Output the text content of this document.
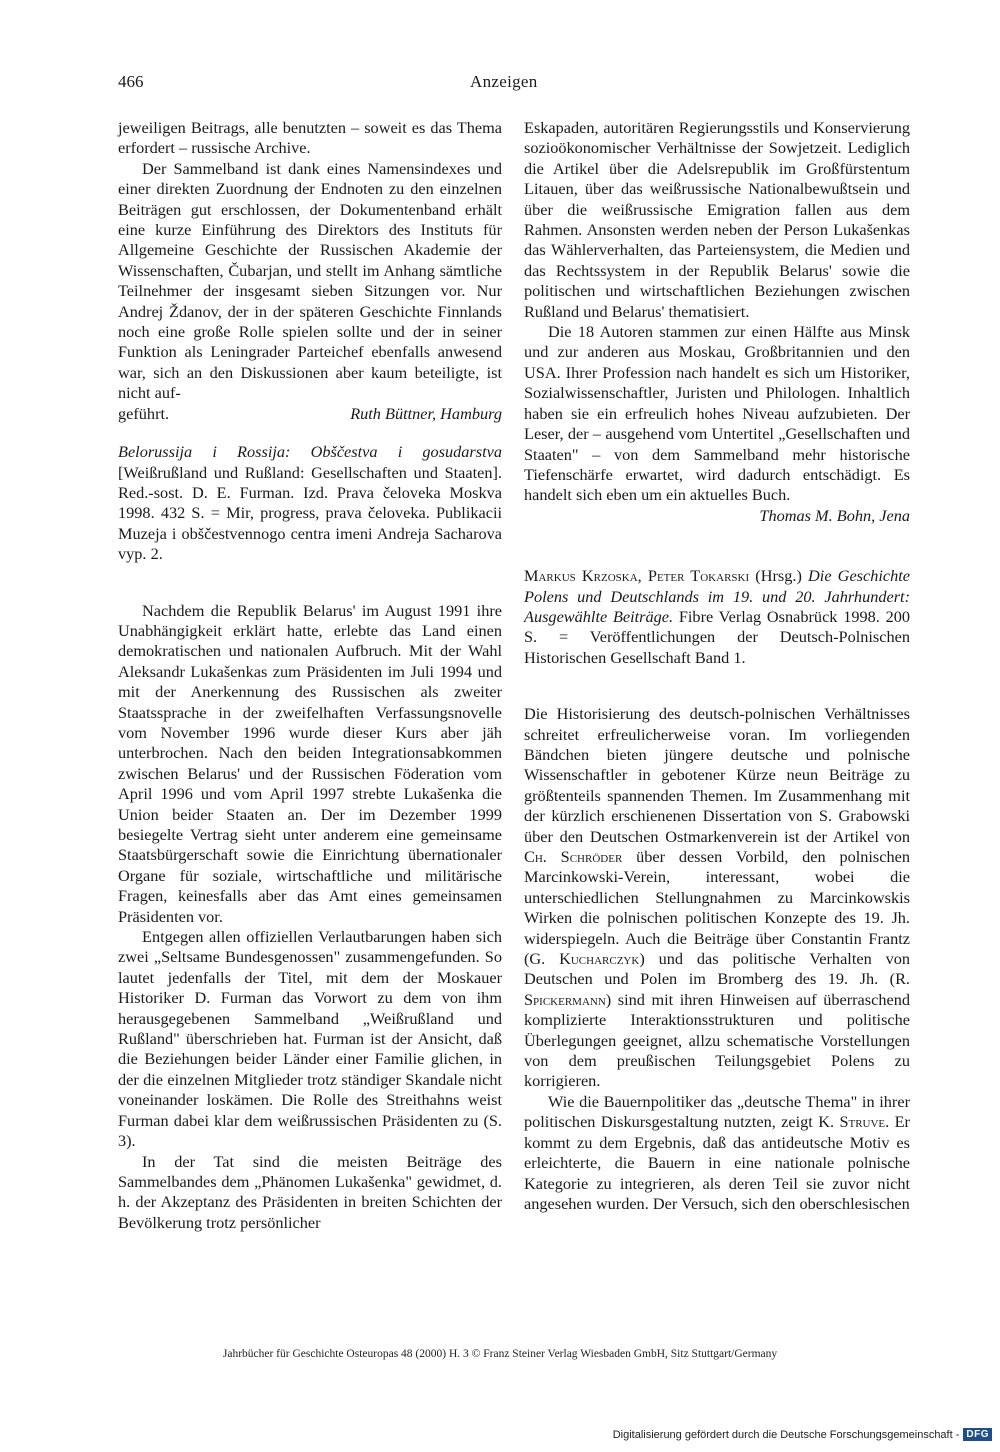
466	Anzeigen

jeweiligen Beitrags, alle benutzten – soweit es das Thema erfordert – russische Archive.

Der Sammelband ist dank eines Namensindexes und einer direkten Zuordnung der Endnoten zu den einzelnen Beiträgen gut erschlossen, der Dokumentenband erhält eine kurze Einführung des Direktors des Instituts für Allgemeine Geschichte der Russischen Akademie der Wissenschaften, Čubarjan, und stellt im Anhang sämtliche Teilnehmer der insgesamt sieben Sitzungen vor. Nur Andrej Ždanov, der in der späteren Geschichte Finnlands noch eine große Rolle spielen sollte und der in seiner Funktion als Leningrader Parteichef ebenfalls anwesend war, sich an den Diskussionen aber kaum beteiligte, ist nicht auf-

geführt.	Ruth Büttner, Hamburg
Belorussija i Rossija: Obščestva i gosudarstva [Weißrußland und Rußland: Gesellschaften und Staaten]. Red.-sost. D. E. Furman. Izd. Prava čeloveka Moskva 1998. 432 S. = Mir, progress, prava čeloveka. Publikacii Muzeja i obščestvennogo centra imeni Andreja Sacharova vyp. 2.

Nachdem die Republik Belarus' im August 1991 ihre Unabhängigkeit erklärt hatte, erlebte das Land einen demokratischen und nationalen Aufbruch. Mit der Wahl Aleksandr Lukašenkas zum Präsidenten im Juli 1994 und mit der Anerkennung des Russischen als zweiter Staatssprache in der zweifelhaften Verfassungsnovelle vom November 1996 wurde dieser Kurs aber jäh unterbrochen. Nach den beiden Integrationsabkommen zwischen Belarus' und der Russischen Föderation vom April 1996 und vom April 1997 strebte Lukašenka die Union beider Staaten an. Der im Dezember 1999 besiegelte Vertrag sieht unter anderem eine gemeinsame Staatsbürgerschaft sowie die Einrichtung übernationaler Organe für soziale, wirtschaftliche und militärische Fragen, keinesfalls aber das Amt eines gemeinsamen Präsidenten vor.

Entgegen allen offiziellen Verlautbarungen haben sich zwei „Seltsame Bundesgenossen" zusammengefunden. So lautet jedenfalls der Titel, mit dem der Moskauer Historiker D. Furman das Vorwort zu dem von ihm herausgegebenen Sammelband „Weißrußland und Rußland" überschrieben hat. Furman ist der Ansicht, daß die Beziehungen beider Länder einer Familie glichen, in der die einzelnen Mitglieder trotz ständiger Skandale nicht voneinander loskämen. Die Rolle des Streithahns weist Furman dabei klar dem weißrussischen Präsidenten zu (S. 3).

In der Tat sind die meisten Beiträge des Sammelbandes dem „Phänomen Lukašenka" gewidmet, d. h. der Akzeptanz des Präsidenten in breiten Schichten der Bevölkerung trotz persönlicher

Eskapaden, autoritären Regierungsstils und Konservierung sozioökonomischer Verhältnisse der Sowjetzeit. Lediglich die Artikel über die Adelsrepublik im Großfürstentum Litauen, über das weißrussische Nationalbewußtsein und über die weißrussische Emigration fallen aus dem Rahmen. Ansonsten werden neben der Person Lukašenkas das Wählerverhalten, das Parteiensystem, die Medien und das Rechtssystem in der Republik Belarus' sowie die politischen und wirtschaftlichen Beziehungen zwischen Rußland und Belarus' thematisiert.

Die 18 Autoren stammen zur einen Hälfte aus Minsk und zur anderen aus Moskau, Großbritannien und den USA. Ihrer Profession nach handelt es sich um Historiker, Sozialwissenschaftler, Juristen und Philologen. Inhaltlich haben sie ein erfreulich hohes Niveau aufzubieten. Der Leser, der – ausgehend vom Untertitel „Gesellschaften und Staaten" – von dem Sammelband mehr historische Tiefenschärfe erwartet, wird dadurch entschädigt. Es handelt sich eben um ein aktuelles Buch.

Thomas M. Bohn, Jena
Markus Krzoska, Peter Tokarski (Hrsg.) Die Geschichte Polens und Deutschlands im 19. und 20. Jahrhundert: Ausgewählte Beiträge. Fibre Verlag Osnabrück 1998. 200 S. = Veröffentlichungen der Deutsch-Polnischen Historischen Gesellschaft Band 1.

Die Historisierung des deutsch-polnischen Verhältnisses schreitet erfreulicherweise voran. Im vorliegenden Bändchen bieten jüngere deutsche und polnische Wissenschaftler in gebotener Kürze neun Beiträge zu größtenteils spannenden Themen. Im Zusammenhang mit der kürzlich erschienenen Dissertation von S. Grabowski über den Deutschen Ostmarkenverein ist der Artikel von Ch. Schröder über dessen Vorbild, den polnischen Marcinkowski-Verein, interessant, wobei die unterschiedlichen Stellungnahmen zu Marcinkowskis Wirken die polnischen politischen Konzepte des 19. Jh. widerspiegeln. Auch die Beiträge über Constantin Frantz (G. Kucharczyk) und das politische Verhalten von Deutschen und Polen im Bromberg des 19. Jh. (R. Spickermann) sind mit ihren Hinweisen auf überraschend komplizierte Interaktionsstrukturen und politische Überlegungen geeignet, allzu schematische Vorstellungen von dem preußischen Teilungsgebiet Polens zu korrigieren.

Wie die Bauernpolitiker das „deutsche Thema" in ihrer politischen Diskursgestaltung nutzten, zeigt K. Struve. Er kommt zu dem Ergebnis, daß das antideutsche Motiv es erleichterte, die Bauern in eine nationale polnische Kategorie zu integrieren, als deren Teil sie zuvor nicht angesehen wurden. Der Versuch, sich den oberschlesischen

Jahrbücher für Geschichte Osteuropas 48 (2000) H. 3 © Franz Steiner Verlag Wiesbaden GmbH, Sitz Stuttgart/Germany
Digitalisierung gefördert durch die Deutsche Forschungsgemeinschaft - DFG
